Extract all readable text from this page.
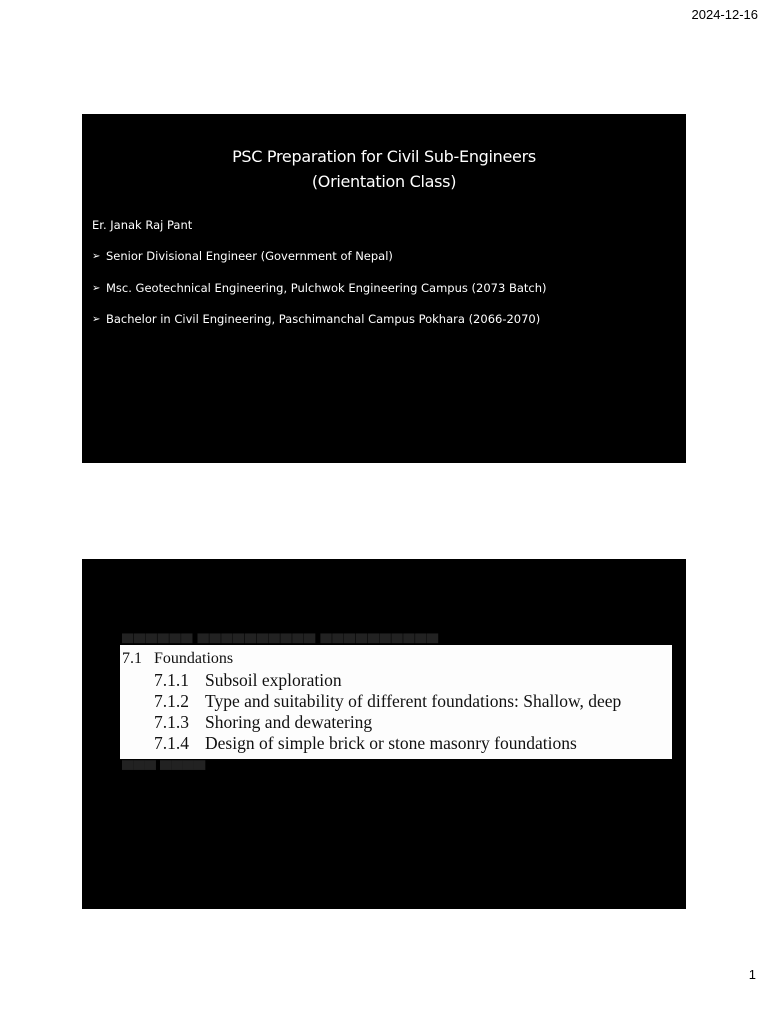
2024-12-16
PSC Preparation for Civil Sub-Engineers
(Orientation Class)
Er. Janak Raj Pant
➢ Senior Divisional Engineer (Government of Nepal)
➢ Msc. Geotechnical Engineering, Pulchwok Engineering Campus (2073 Batch)
➢ Bachelor in Civil Engineering, Paschimanchal Campus Pokhara (2066-2070)
▀▀▀▀▀▀ ▀▀▀▀▀▀▀▀▀▀ ▀▀▀▀▀▀▀▀▀▀
7.1 Foundations
7.1.1 Subsoil exploration
7.1.2 Type and suitability of different foundations: Shallow, deep
7.1.3 Shoring and dewatering
7.1.4 Design of simple brick or stone masonry foundations
▄▄▄ ▄▄▄▄
1
